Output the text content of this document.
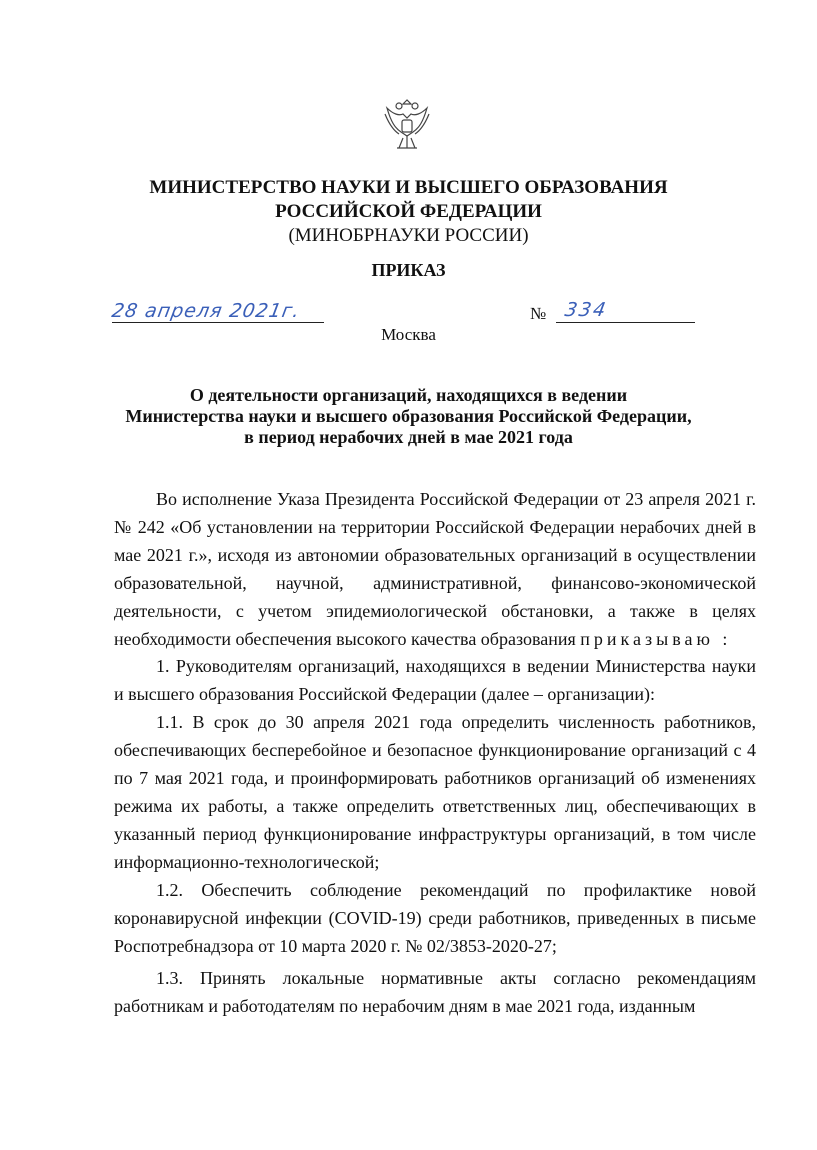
МИНИСТЕРСТВО НАУКИ И ВЫСШЕГО ОБРАЗОВАНИЯ
РОССИЙСКОЙ ФЕДЕРАЦИИ
(МИНОБРНАУКИ РОССИИ)
ПРИКАЗ
28 апреля 2021г.	№ 334
Москва
О деятельности организаций, находящихся в ведении
Министерства науки и высшего образования Российской Федерации,
в период нерабочих дней в мае 2021 года

Во исполнение Указа Президента Российской Федерации от 23 апреля 2021 г. № 242 «Об установлении на территории Российской Федерации нерабочих дней в мае 2021 г.», исходя из автономии образовательных организаций в осуществлении образовательной, научной, административной, финансово-экономической деятельности, с учетом эпидемиологической обстановки, а также в целях необходимости обеспечения высокого качества образования приказываю :

1. Руководителям организаций, находящихся в ведении Министерства науки и высшего образования Российской Федерации (далее – организации):

1.1. В срок до 30 апреля 2021 года определить численность работников, обеспечивающих бесперебойное и безопасное функционирование организаций с 4 по 7 мая 2021 года, и проинформировать работников организаций об изменениях режима их работы, а также определить ответственных лиц, обеспечивающих в указанный период функционирование инфраструктуры организаций, в том числе информационно-технологической;

1.2. Обеспечить соблюдение рекомендаций по профилактике новой коронавирусной инфекции (COVID-19) среди работников, приведенных в письме Роспотребнадзора от 10 марта 2020 г. № 02/3853-2020-27;

1.3. Принять локальные нормативные акты согласно рекомендациям работникам и работодателям по нерабочим дням в мае 2021 года, изданным
